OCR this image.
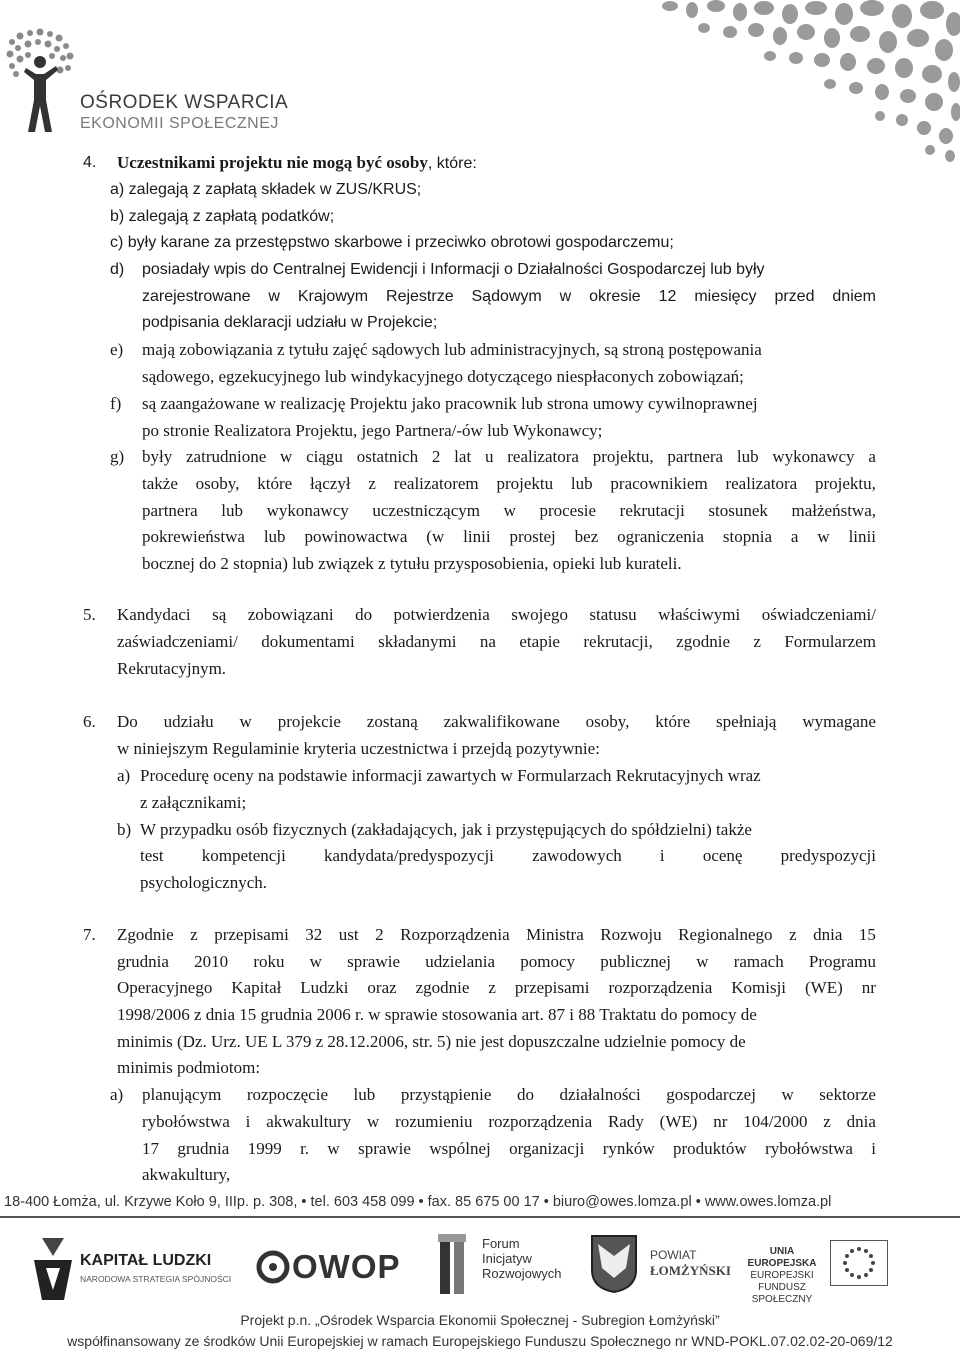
OŚRODEK WSPARCIA
EKONOMII SPOŁECZNEJ
4. Uczestnikami projektu nie mogą być osoby, które:
a) zalegają z zapłatą składek w ZUS/KRUS;
b) zalegają z zapłatą podatków;
c) były karane za przestępstwo skarbowe i przeciwko obrotowi gospodarczemu;
d) posiadały wpis do Centralnej Ewidencji i Informacji o Działalności Gospodarczej lub były
zarejestrowane w Krajowym Rejestrze Sądowym w okresie 12 miesięcy przed dniem
podpisania deklaracji udziału w Projekcie;
e) mają zobowiązania z tytułu zajęć sądowych lub administracyjnych, są stroną postępowania
sądowego, egzekucyjnego lub windykacyjnego dotyczącego niespłaconych zobowiązań;
f) są zaangażowane w realizację Projektu jako pracownik lub strona umowy cywilnoprawnej
po stronie Realizatora Projektu, jego Partnera/-ów lub Wykonawcy;
g) były zatrudnione w ciągu ostatnich 2 lat u realizatora projektu, partnera lub wykonawcy a
także osoby, które łączył z realizatorem projektu lub pracownikiem realizatora projektu,
partnera lub wykonawcy uczestniczącym w procesie rekrutacji stosunek małżeństwa,
pokrewieństwa lub powinowactwa (w linii prostej bez ograniczenia stopnia a w linii
bocznej do 2 stopnia) lub związek z tytułu przysposobienia, opieki lub kurateli.
5. Kandydaci są zobowiązani do potwierdzenia swojego statusu właściwymi oświadczeniami/
zaświadczeniami/ dokumentami składanymi na etapie rekrutacji, zgodnie z Formularzem
Rekrutacyjnym.
6. Do udziału w projekcie zostaną zakwalifikowane osoby, które spełniają wymagane
w niniejszym Regulaminie kryteria uczestnictwa i przejdą pozytywnie:
a) Procedurę oceny na podstawie informacji zawartych w Formularzach Rekrutacyjnych wraz
z załącznikami;
b) W przypadku osób fizycznych (zakładających, jak i przystępujących do spółdzielni) także
test kompetencji kandydata/predyspozycji zawodowych i ocenę predyspozycji
psychologicznych.
7. Zgodnie z przepisami 32 ust 2 Rozporządzenia Ministra Rozwoju Regionalnego z dnia 15
grudnia 2010 roku w sprawie udzielania pomocy publicznej w ramach Programu
Operacyjnego Kapitał Ludzki oraz zgodnie z przepisami rozporządzenia Komisji (WE) nr
1998/2006 z dnia 15 grudnia 2006 r. w sprawie stosowania art. 87 i 88 Traktatu do pomocy de
minimis (Dz. Urz. UE L 379 z 28.12.2006, str. 5) nie jest dopuszczalne udzielnie pomocy de
minimis podmiotom:
a) planującym rozpoczęcie lub przystąpienie do działalności gospodarczej w sektorze
rybołówstwa i akwakultury w rozumieniu rozporządzenia Rady (WE) nr 104/2000 z dnia
17 grudnia 1999 r. w sprawie wspólnej organizacji rynków produktów rybołówstwa i
akwakultury,
18-400 Łomża, ul. Krzywe Koło 9, IIIp. p. 308, • tel. 603 458 099 • fax. 85 675 00 17 • biuro@owes.lomza.pl • www.owes.lomza.pl
KAPITAŁ LUDZKI
NARODOWA STRATEGIA SPÓJNOŚCI OWOP
Forum
Inicjatyw
Rozwojowych
POWIAT
ŁOMŻYŃSKI
UNIA EUROPEJSKA
EUROPEJSKI
FUNDUSZ SPOŁECZNY
Projekt p.n. „Ośrodek Wsparcia Ekonomii Społecznej - Subregion Łomżyński”
współfinansowany ze środków Unii Europejskiej w ramach Europejskiego Funduszu Społecznego nr WND-POKL.07.02.02-20-069/12
